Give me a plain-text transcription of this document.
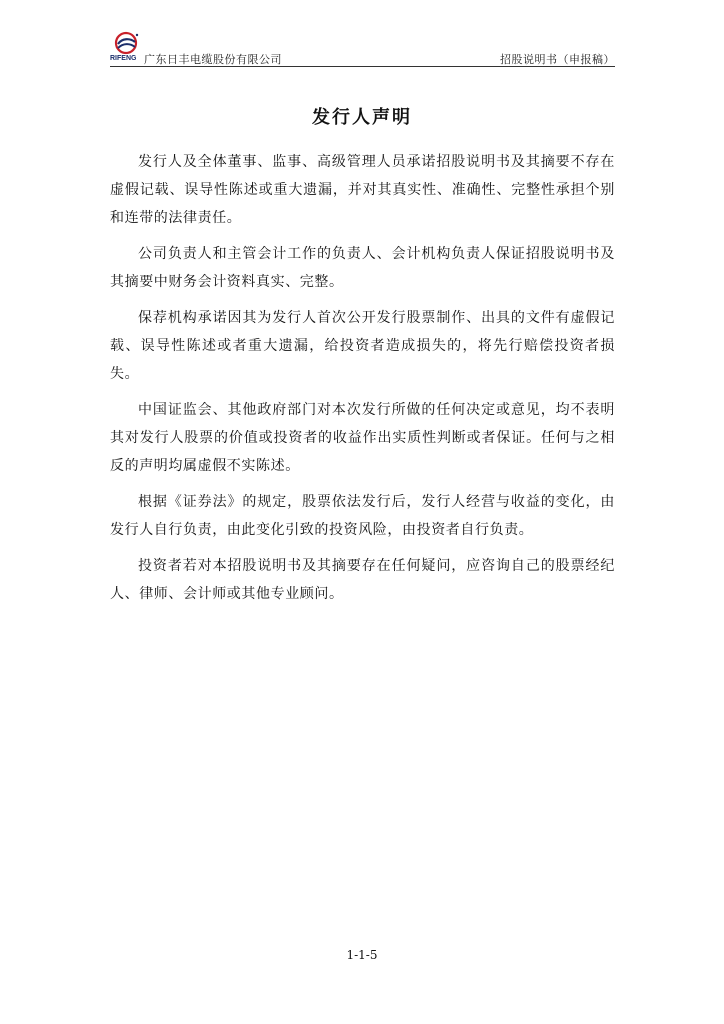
RIFENG 广东日丰电缆股份有限公司	招股说明书（申报稿）
发行人声明

发行人及全体董事、监事、高级管理人员承诺招股说明书及其摘要不存在虚假记载、误导性陈述或重大遗漏，并对其真实性、准确性、完整性承担个别和连带的法律责任。

公司负责人和主管会计工作的负责人、会计机构负责人保证招股说明书及其摘要中财务会计资料真实、完整。

保荐机构承诺因其为发行人首次公开发行股票制作、出具的文件有虚假记载、误导性陈述或者重大遗漏，给投资者造成损失的，将先行赔偿投资者损失。

中国证监会、其他政府部门对本次发行所做的任何决定或意见，均不表明其对发行人股票的价值或投资者的收益作出实质性判断或者保证。任何与之相反的声明均属虚假不实陈述。

根据《证券法》的规定，股票依法发行后，发行人经营与收益的变化，由发行人自行负责，由此变化引致的投资风险，由投资者自行负责。

投资者若对本招股说明书及其摘要存在任何疑问，应咨询自己的股票经纪人、律师、会计师或其他专业顾问。

1-1-5
